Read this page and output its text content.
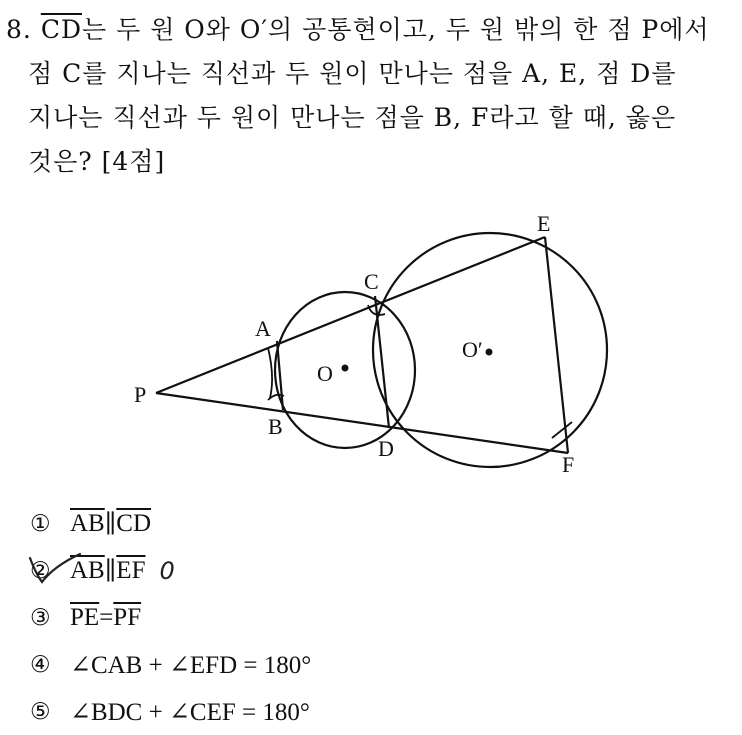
8. $\overline{CD}$는 두 원 O와 O′의 공통현이고, 두 원 밖의 한 점 P에서
점 C를 지나는 직선과 두 원이 만나는 점을 A, E, 점 D를
지나는 직선과 두 원이 만나는 점을 B, F라고 할 때, 옳은
것은? [4점]
P
A
B
C
D
E
F
O
O′
① $\overline{AB}$ ∥ $\overline{CD}$
② $\overline{AB}$ ∥ $\overline{EF}$ 0
③ $\overline{PE} = \overline{PF}$
④ ∠CAB + ∠EFD = 180°
⑤ ∠BDC + ∠CEF = 180°
